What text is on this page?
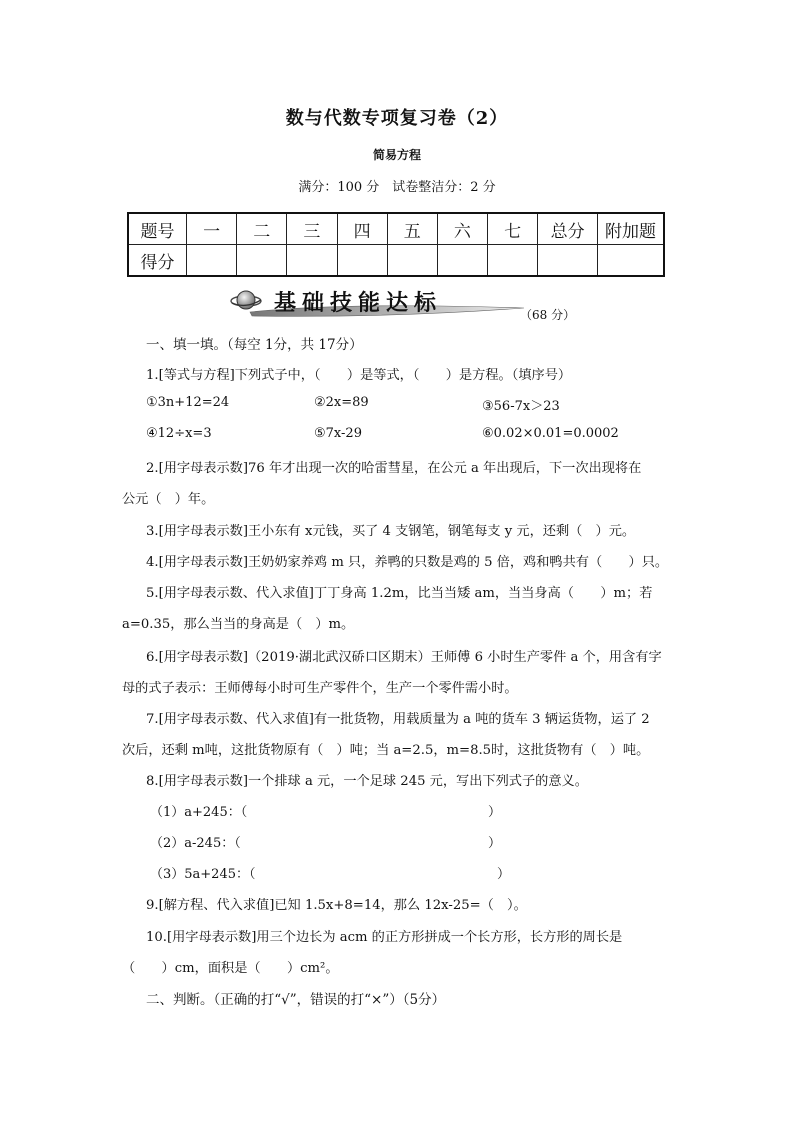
数与代数专项复习卷（2）
简易方程
满分：100 分　试卷整洁分：2 分
题号	一	二	三	四	五	六	七	总分	附加题
得分									
基础技能达标	（68 分）
一、填一填。（每空 1分，共 17分）
1.[等式与方程]下列式子中，（　　）是等式，（　　）是方程。（填序号）
①3n+12=24	②2x=89	③56-7x＞23
④12÷x=3	⑤7x-29	⑥0.02×0.01=0.0002
2.[用字母表示数]76 年才出现一次的哈雷彗星，在公元 a 年出现后，下一次出现将在
公元（　）年。
3.[用字母表示数]王小东有 x元钱，买了 4 支钢笔，钢笔每支 y 元，还剩（　）元。
4.[用字母表示数]王奶奶家养鸡 m 只，养鸭的只数是鸡的 5 倍，鸡和鸭共有（　　）只。
5.[用字母表示数、代入求值]丁丁身高 1.2m，比当当矮 am，当当身高（　　）m；若
a=0.35，那么当当的身高是（　）m。
6.[用字母表示数]（2019·湖北武汉硚口区期末）王师傅 6 小时生产零件 a 个，用含有字
母的式子表示：王师傅每小时可生产零件个，生产一个零件需小时。
7.[用字母表示数、代入求值]有一批货物，用载质量为 a 吨的货车 3 辆运货物，运了 2
次后，还剩 m吨，这批货物原有（　）吨；当 a=2.5，m=8.5时，这批货物有（　）吨。
8.[用字母表示数]一个排球 a 元，一个足球 245 元，写出下列式子的意义。
（1）a+245：（	）
（2）a-245：（	）
（3）5a+245：（	）
9.[解方程、代入求值]已知 1.5x+8=14，那么 12x-25=（　）。
10.[用字母表示数]用三个边长为 acm 的正方形拼成一个长方形，长方形的周长是
（　　）cm，面积是（　　）cm²。
二、判断。（正确的打“√”，错误的打“×”）（5分）
